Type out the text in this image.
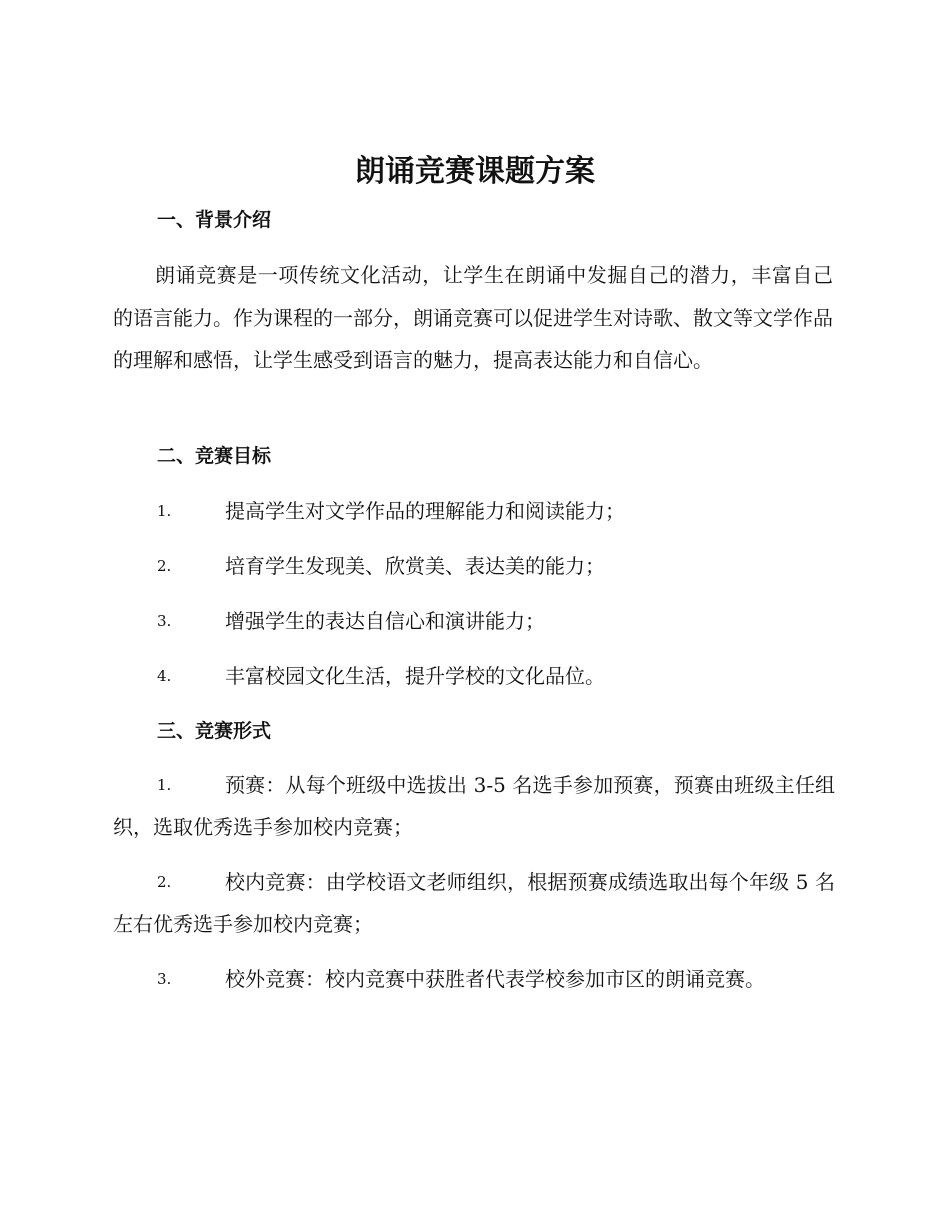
朗诵竞赛课题方案
一、背景介绍

朗诵竞赛是一项传统文化活动，让学生在朗诵中发掘自己的潜力，丰富自己的语言能力。作为课程的一部分，朗诵竞赛可以促进学生对诗歌、散文等文学作品的理解和感悟，让学生感受到语言的魅力，提高表达能力和自信心。

二、竞赛目标
1.	提高学生对文学作品的理解能力和阅读能力；
2.	培育学生发现美、欣赏美、表达美的能力；
3.	增强学生的表达自信心和演讲能力；
4.	丰富校园文化生活，提升学校的文化品位。
三、竞赛形式
1.	预赛：从每个班级中选拔出 3-5 名选手参加预赛，预赛由班级主任组织，选取优秀选手参加校内竞赛；
2.	校内竞赛：由学校语文老师组织，根据预赛成绩选取出每个年级 5 名左右优秀选手参加校内竞赛；
3.	校外竞赛：校内竞赛中获胜者代表学校参加市区的朗诵竞赛。
